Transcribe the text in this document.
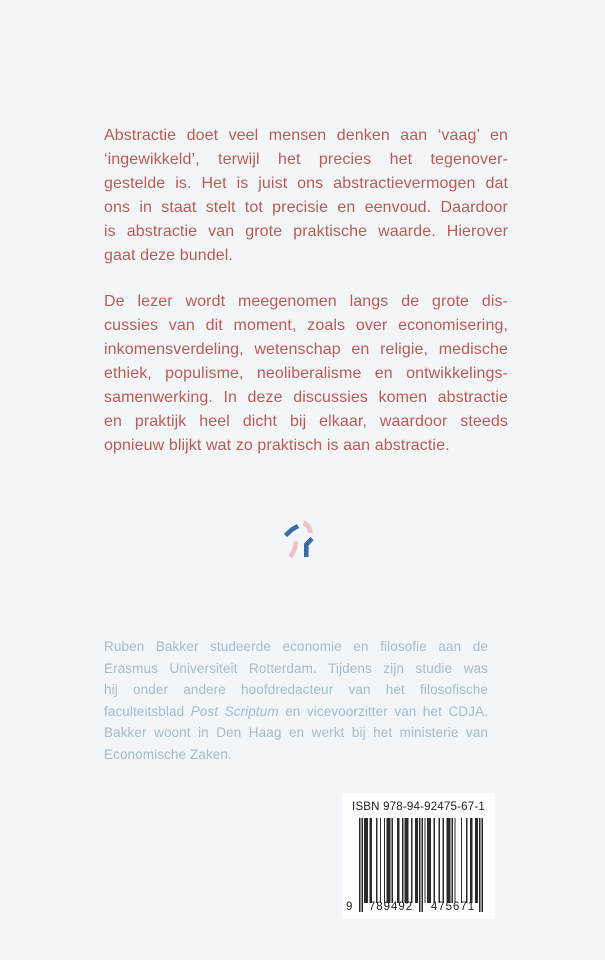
Abstractie doet veel mensen denken aan ‘vaag’ en
‘ingewikkeld’, terwijl het precies het tegenover-
gestelde is. Het is juist ons abstractievermogen dat
ons in staat stelt tot precisie en eenvoud. Daardoor
is abstractie van grote praktische waarde. Hierover
gaat deze bundel.
De lezer wordt meegenomen langs de grote dis-
cussies van dit moment, zoals over economisering,
inkomensverdeling, wetenschap en religie, medische
ethiek, populisme, neoliberalisme en ontwikkelings-
samenwerking. In deze discussies komen abstractie
en praktijk heel dicht bij elkaar, waardoor steeds
opnieuw blijkt wat zo praktisch is aan abstractie.
Ruben Bakker studeerde economie en filosofie aan de
Erasmus Universiteit Rotterdam. Tijdens zijn studie was
hij onder andere hoofdredacteur van het filosofische
faculteitsblad Post Scriptum en vicevoorzitter van het CDJA.
Bakker woont in Den Haag en werkt bij het ministerie van
Economische Zaken.
ISBN 978-94-92475-67-1
9	789492	475671
